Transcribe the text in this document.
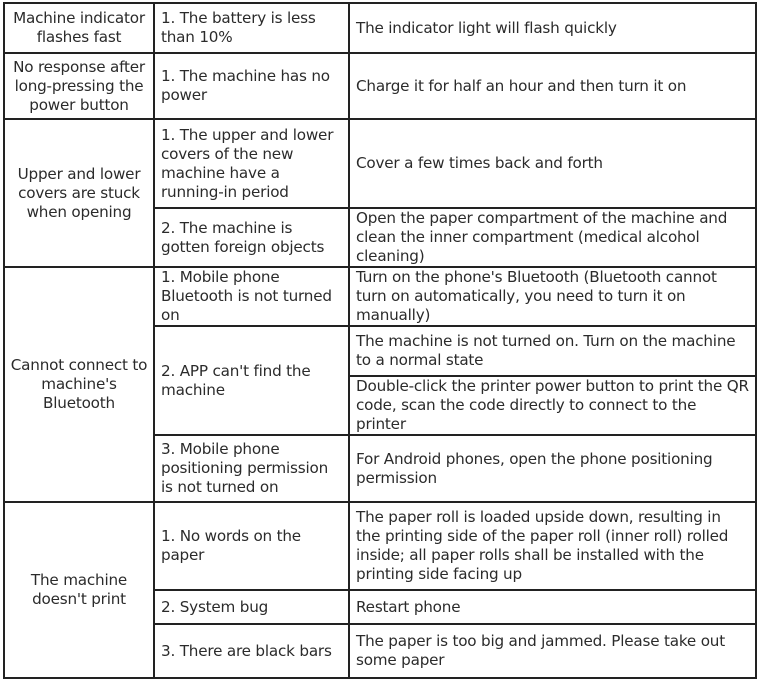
Machine indicator flashes fast	1. The battery is less than 10%	The indicator light will flash quickly
No response after long-pressing the power button	1. The machine has no power	Charge it for half an hour and then turn it on
Upper and lower covers are stuck when opening	1. The upper and lower covers of the new machine have a running-in period	Cover a few times back and forth
	2. The machine is gotten foreign objects	Open the paper compartment of the machine and clean the inner compartment (medical alcohol cleaning)
Cannot connect to machine's Bluetooth	1. Mobile phone Bluetooth is not turned on	Turn on the phone's Bluetooth (Bluetooth cannot turn on automatically, you need to turn it on manually)
	2. APP can't find the machine	The machine is not turned on. Turn on the machine to a normal state
		Double-click the printer power button to print the QR code, scan the code directly to connect to the printer
	3. Mobile phone positioning permission is not turned on	For Android phones, open the phone positioning permission
The machine doesn't print	1. No words on the paper	The paper roll is loaded upside down, resulting in the printing side of the paper roll (inner roll) rolled inside; all paper rolls shall be installed with the printing side facing up
	2. System bug	Restart phone
	3. There are black bars	The paper is too big and jammed. Please take out some paper
